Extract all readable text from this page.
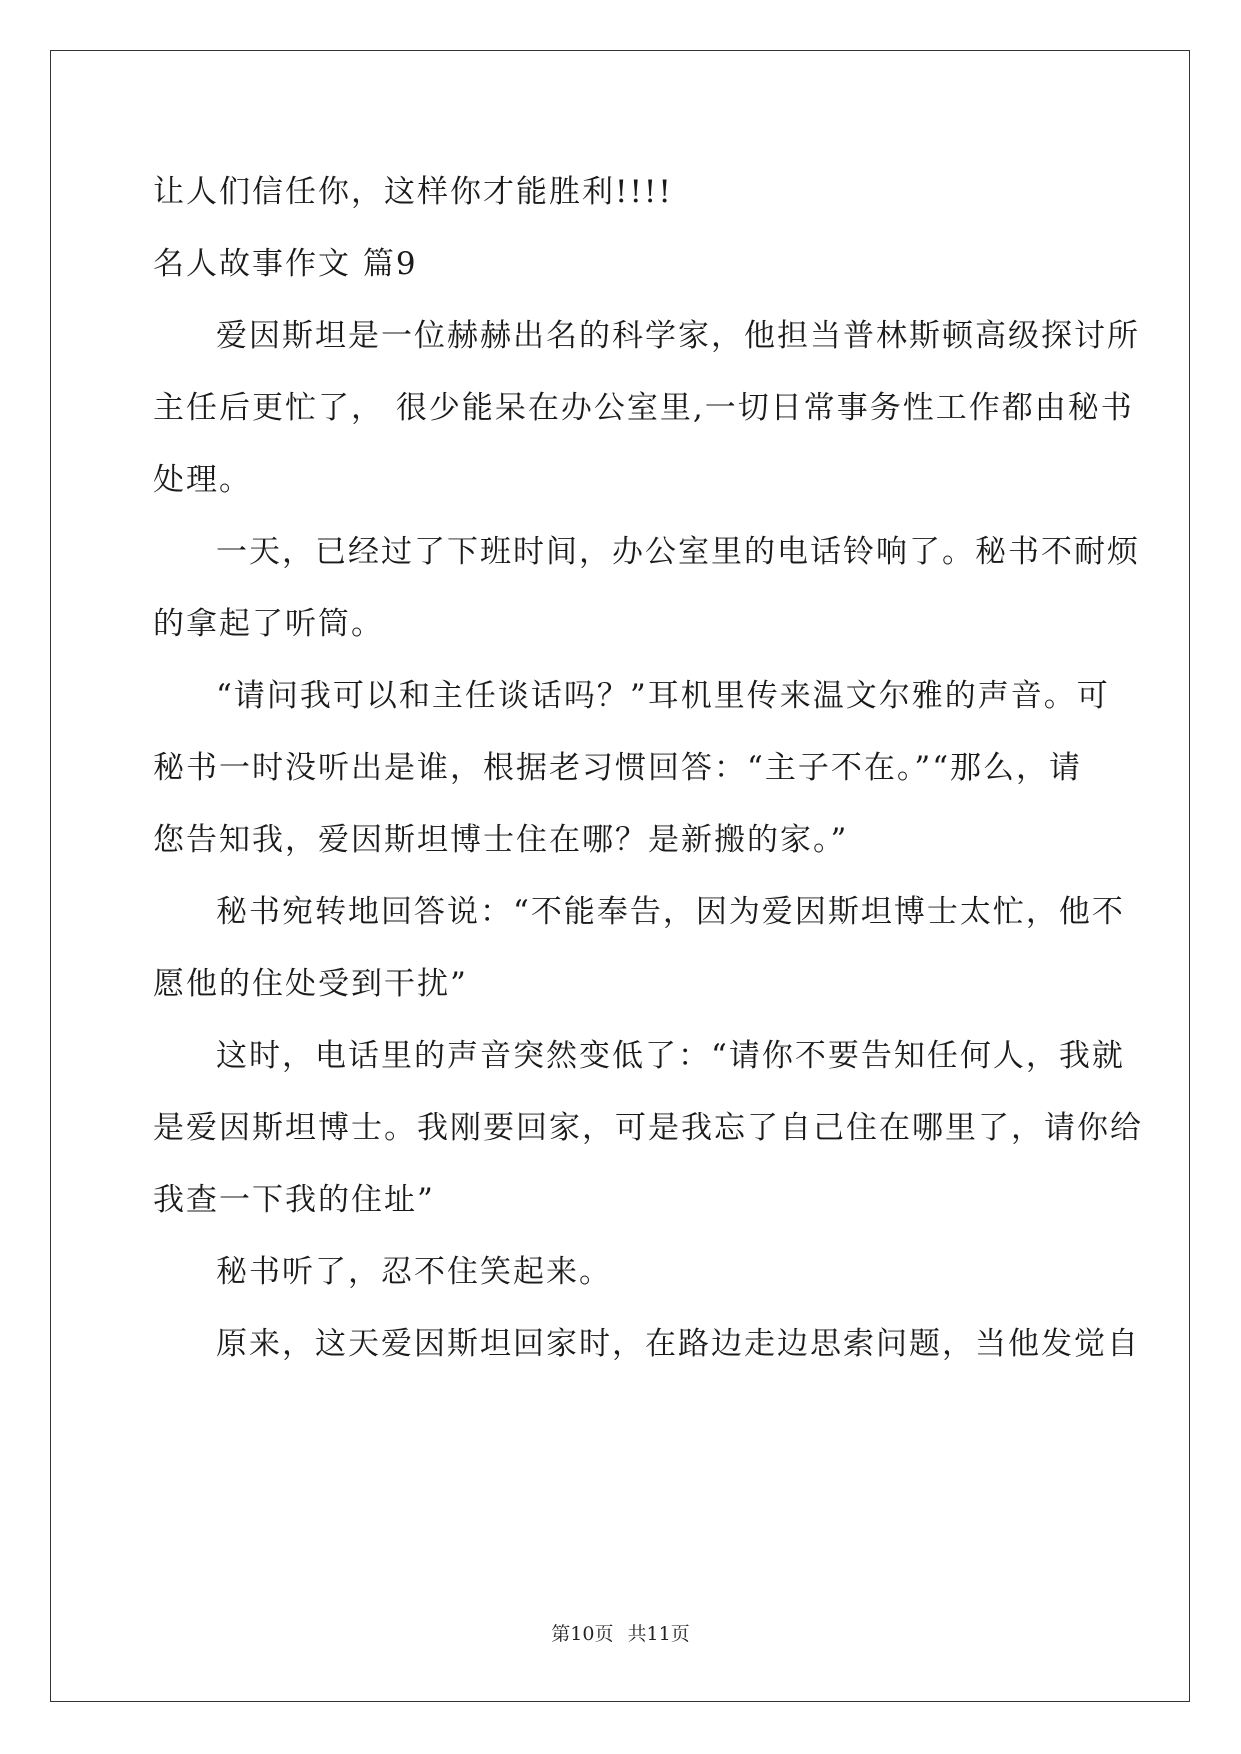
让人们信任你，这样你才能胜利!!!!
名人故事作文 篇9
爱因斯坦是一位赫赫出名的科学家，他担当普林斯顿高级探讨所
主任后更忙了， 很少能呆在办公室里,一切日常事务性工作都由秘书
处理。
一天，已经过了下班时间，办公室里的电话铃响了。秘书不耐烦
的拿起了听筒。
“请问我可以和主任谈话吗？”耳机里传来温文尔雅的声音。可
秘书一时没听出是谁，根据老习惯回答：“主子不在。”“那么，请
您告知我，爱因斯坦博士住在哪？是新搬的家。”
秘书宛转地回答说：“不能奉告，因为爱因斯坦博士太忙，他不
愿他的住处受到干扰”
这时，电话里的声音突然变低了：“请你不要告知任何人，我就
是爱因斯坦博士。我刚要回家，可是我忘了自己住在哪里了，请你给
我查一下我的住址”
秘书听了，忍不住笑起来。
原来，这天爱因斯坦回家时，在路边走边思索问题，当他发觉自
第10页 共11页
